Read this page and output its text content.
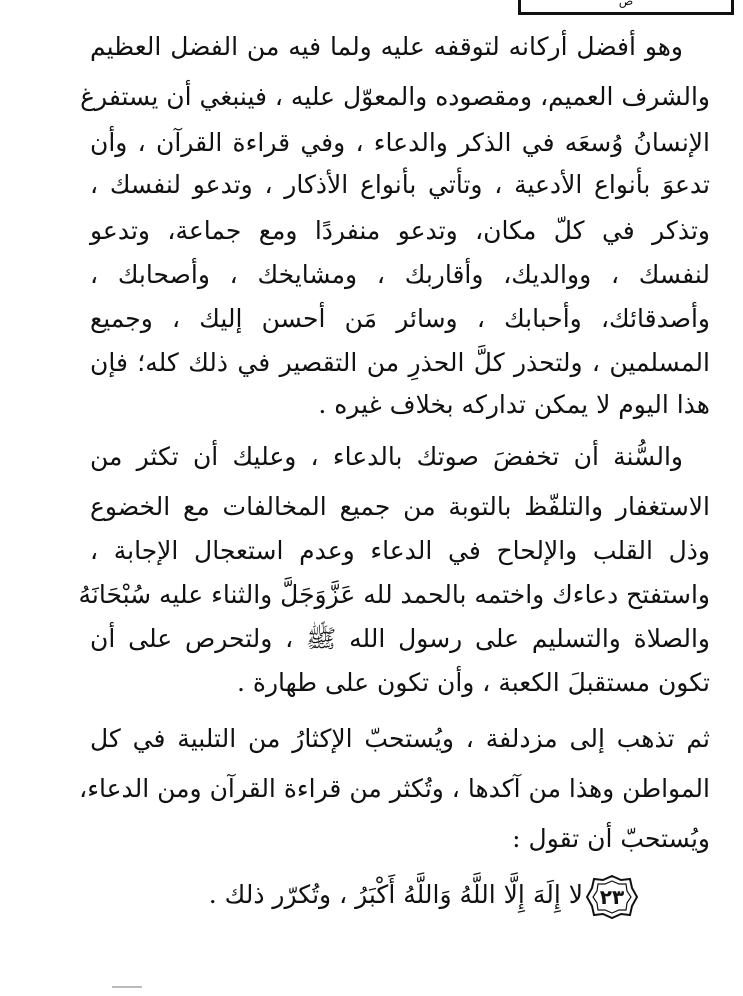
ص
وهو أفضل أركانه لتوقفه عليه ولما فيه من الفضل العظيم
والشرف العميم، ومقصوده والمعوّل عليه ، فينبغي أن يستفرغ
الإنسانُ وُسعَه في الذكر والدعاء ، وفي قراءة القرآن ، وأن
تدعوَ بأنواع الأدعية ، وتأتي بأنواع الأذكار ، وتدعو لنفسك ،
وتذكر في كلّ مكان، وتدعو منفردًا ومع جماعة، وتدعو
لنفسك ، ووالديك، وأقاربك ، ومشايخك ، وأصحابك ،
وأصدقائك، وأحبابك ، وسائر مَن أحسن إليك ، وجميع
المسلمين ، ولتحذر كلَّ الحذرِ من التقصير في ذلك كله؛ فإن
هذا اليوم لا يمكن تداركه بخلاف غيره .
والسُّنة أن تخفضَ صوتك بالدعاء ، وعليك أن تكثر من
الاستغفار والتلفّظ بالتوبة من جميع المخالفات مع الخضوع
وذل القلب والإلحاح في الدعاء وعدم استعجال الإجابة ،
واستفتح دعاءك واختمه بالحمد لله عَزَّوَجَلَّ والثناء عليه سُبْحَانَهُ
والصلاة والتسليم على رسول الله ﷺ ، ولتحرص على أن
تكون مستقبلَ الكعبة ، وأن تكون على طهارة .
ثم تذهب إلى مزدلفة ، ويُستحبّ الإكثارُ من التلبية في كل
المواطن وهذا من آكدها ، وتُكثر من قراءة القرآن ومن الدعاء،
ويُستحبّ أن تقول :
٢٣
لا إِلَهَ إِلَّا اللَّهُ وَاللَّهُ أَكْبَرُ ، وتُكرّر ذلك .
